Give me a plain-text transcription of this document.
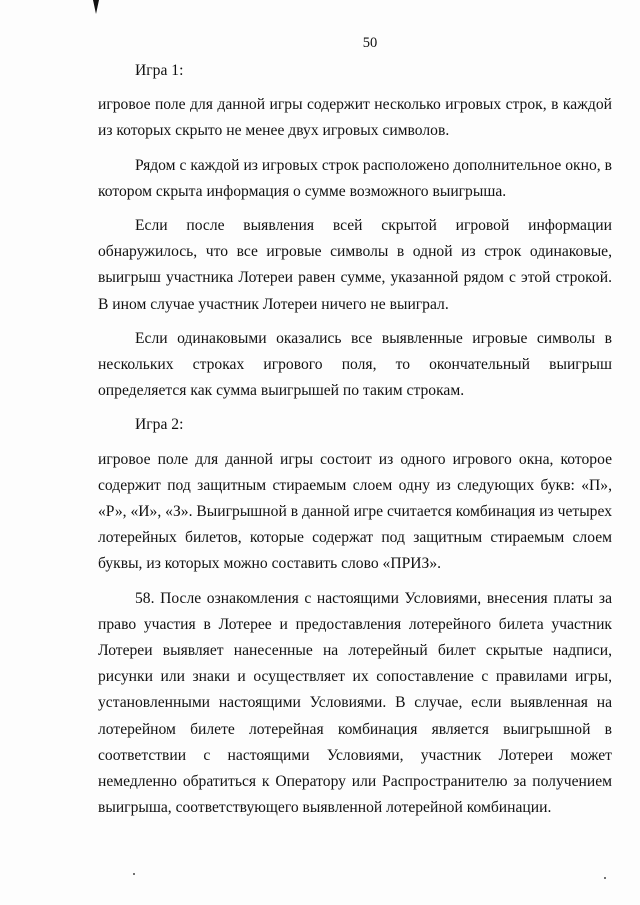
50

Игра 1:

игровое поле для данной игры содержит несколько игровых строк, в каждой из которых скрыто не менее двух игровых символов.

Рядом с каждой из игровых строк расположено дополнительное окно, в котором скрыта информация о сумме возможного выигрыша.

Если после выявления всей скрытой игровой информации обнаружилось, что все игровые символы в одной из строк одинаковые, выигрыш участника Лотереи равен сумме, указанной рядом с этой строкой. В ином случае участник Лотереи ничего не выиграл.

Если одинаковыми оказались все выявленные игровые символы в нескольких строках игрового поля, то окончательный выигрыш определяется как сумма выигрышей по таким строкам.

Игра 2:

игровое поле для данной игры состоит из одного игрового окна, которое содержит под защитным стираемым слоем одну из следующих букв: «П», «Р», «И», «З». Выигрышной в данной игре считается комбинация из четырех лотерейных билетов, которые содержат под защитным стираемым слоем буквы, из которых можно составить слово «ПРИЗ».

58. После ознакомления с настоящими Условиями, внесения платы за право участия в Лотерее и предоставления лотерейного билета участник Лотереи выявляет нанесенные на лотерейный билет скрытые надписи, рисунки или знаки и осуществляет их сопоставление с правилами игры, установленными настоящими Условиями. В случае, если выявленная на лотерейном билете лотерейная комбинация является выигрышной в соответствии с настоящими Условиями, участник Лотереи может немедленно обратиться к Оператору или Распространителю за получением выигрыша, соответствующего выявленной лотерейной комбинации.
